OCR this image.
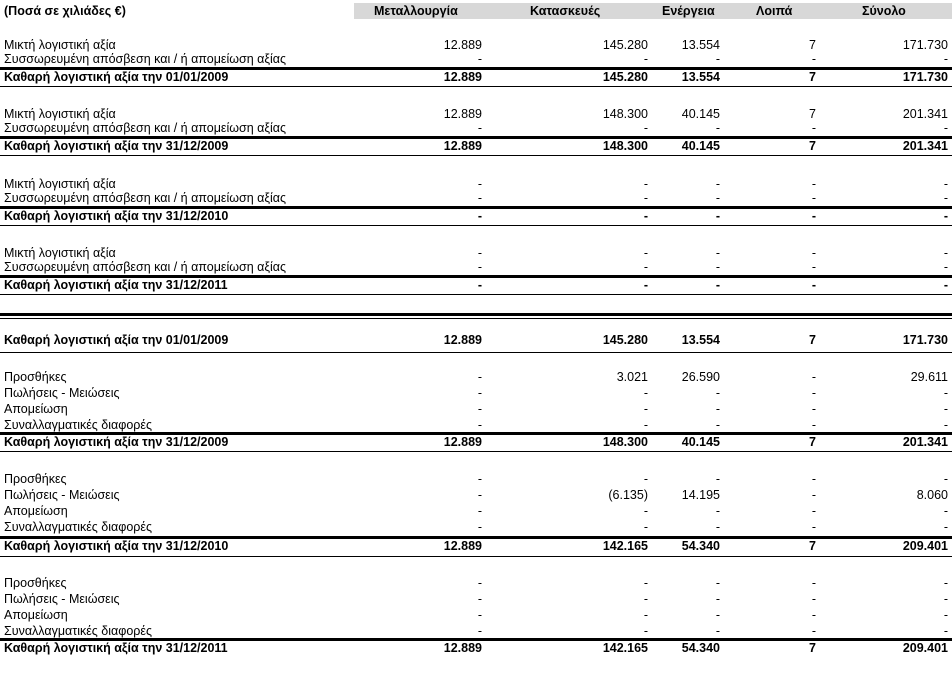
(Ποσά σε χιλιάδες €)	Μεταλλουργία	Κατασκευές	Ενέργεια	Λοιπά	Σύνολο
Μικτή λογιστική αξία	12.889	145.280	13.554	7	171.730
Συσσωρευμένη απόσβεση και / ή απομείωση αξίας	-	-	-	-	-
Καθαρή λογιστική αξία την 01/01/2009	12.889	145.280	13.554	7	171.730
Μικτή λογιστική αξία	12.889	148.300	40.145	7	201.341
Συσσωρευμένη απόσβεση και / ή απομείωση αξίας	-	-	-	-	-
Καθαρή λογιστική αξία την 31/12/2009	12.889	148.300	40.145	7	201.341
Μικτή λογιστική αξία	-	-	-	-	-
Συσσωρευμένη απόσβεση και / ή απομείωση αξίας	-	-	-	-	-
Καθαρή λογιστική αξία την 31/12/2010	-	-	-	-	-
Μικτή λογιστική αξία	-	-	-	-	-
Συσσωρευμένη απόσβεση και / ή απομείωση αξίας	-	-	-	-	-
Καθαρή λογιστική αξία την 31/12/2011	-	-	-	-	-
Καθαρή λογιστική αξία την 01/01/2009	12.889	145.280	13.554	7	171.730
Προσθήκες	-	3.021	26.590	-	29.611
Πωλήσεις - Μειώσεις	-	-	-	-	-
Απομείωση	-	-	-	-	-
Συναλλαγματικές διαφορές	-	-	-	-	-
Καθαρή λογιστική αξία την 31/12/2009	12.889	148.300	40.145	7	201.341
Προσθήκες	-	-	-	-	-
Πωλήσεις - Μειώσεις	-	(6.135)	14.195	-	8.060
Απομείωση	-	-	-	-	-
Συναλλαγματικές διαφορές	-	-	-	-	-
Καθαρή λογιστική αξία την 31/12/2010	12.889	142.165	54.340	7	209.401
Προσθήκες	-	-	-	-	-
Πωλήσεις - Μειώσεις	-	-	-	-	-
Απομείωση	-	-	-	-	-
Συναλλαγματικές διαφορές	-	-	-	-	-
Καθαρή λογιστική αξία την 31/12/2011	12.889	142.165	54.340	7	209.401
